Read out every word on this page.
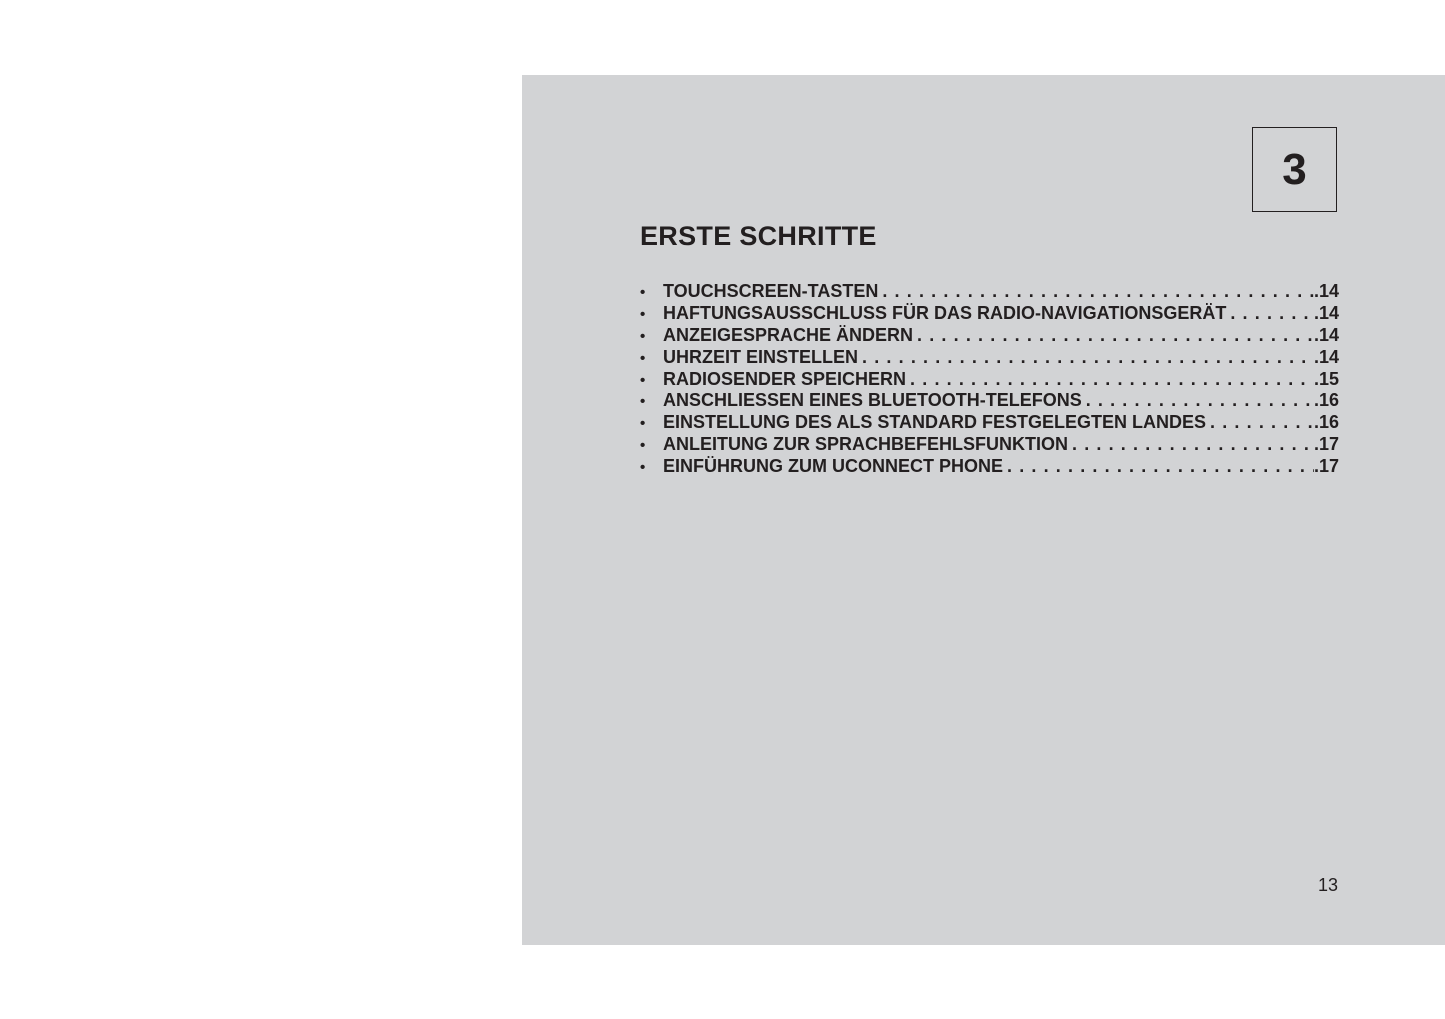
3
ERSTE SCHRITTE
• TOUCHSCREEN-TASTEN . . .	.14
• HAFTUNGSAUSSCHLUSS FÜR DAS RADIO-NAVIGATIONSGERÄT . . .	.14
• ANZEIGESPRACHE ÄNDERN . . .	.14
• UHRZEIT EINSTELLEN . . .	.14
• RADIOSENDER SPEICHERN . . .	.15
• ANSCHLIESSEN EINES BLUETOOTH-TELEFONS . . .	.16
• EINSTELLUNG DES ALS STANDARD FESTGELEGTEN LANDES . . .	.16
• ANLEITUNG ZUR SPRACHBEFEHLSFUNKTION . . .	.17
• EINFÜHRUNG ZUM UCONNECT PHONE . . .	.17
13
